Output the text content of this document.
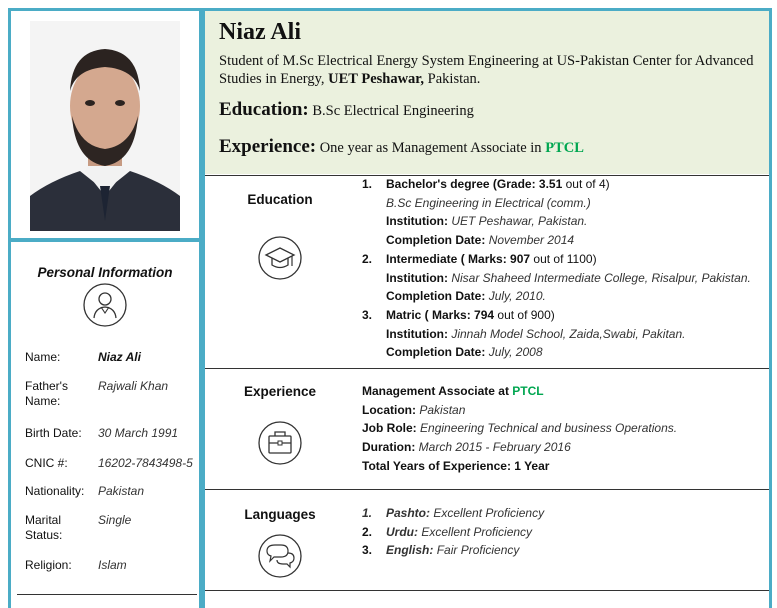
Personal Information
Name:	Niaz Ali
Father's Name:
Rajwali Khan
Birth Date:	30 March 1991
CNIC #:	16202-7843498-5
Nationality:	Pakistan
Marital Status:
Single
Religion:	Islam
Niaz Ali
Student of M.Sc Electrical Energy System Engineering at US-Pakistan Center for Advanced Studies in Energy, UET Peshawar, Pakistan.
Education: B.Sc Electrical Engineering
Experience: One year as Management Associate in PTCL
Education
1.	Bachelor's degree (Grade: 3.51 out of 4)
B.Sc Engineering in Electrical (comm.)
Institution: UET Peshawar, Pakistan.
Completion Date: November 2014
2.	Intermediate ( Marks: 907 out of 1100)
Institution: Nisar Shaheed Intermediate College, Risalpur, Pakistan.
Completion Date: July, 2010.
3.	Matric ( Marks: 794 out of 900)
Institution: Jinnah Model School, Zaida,Swabi, Pakitan.
Completion Date: July, 2008
Experience	Management Associate at PTCL
Location: Pakistan
Job Role: Engineering Technical and business Operations.
Duration: March 2015 - February 2016
Total Years of Experience: 1 Year
Languages	1.	Pashto: Excellent Proficiency
2.	Urdu: Excellent Proficiency
3.	English: Fair Proficiency
